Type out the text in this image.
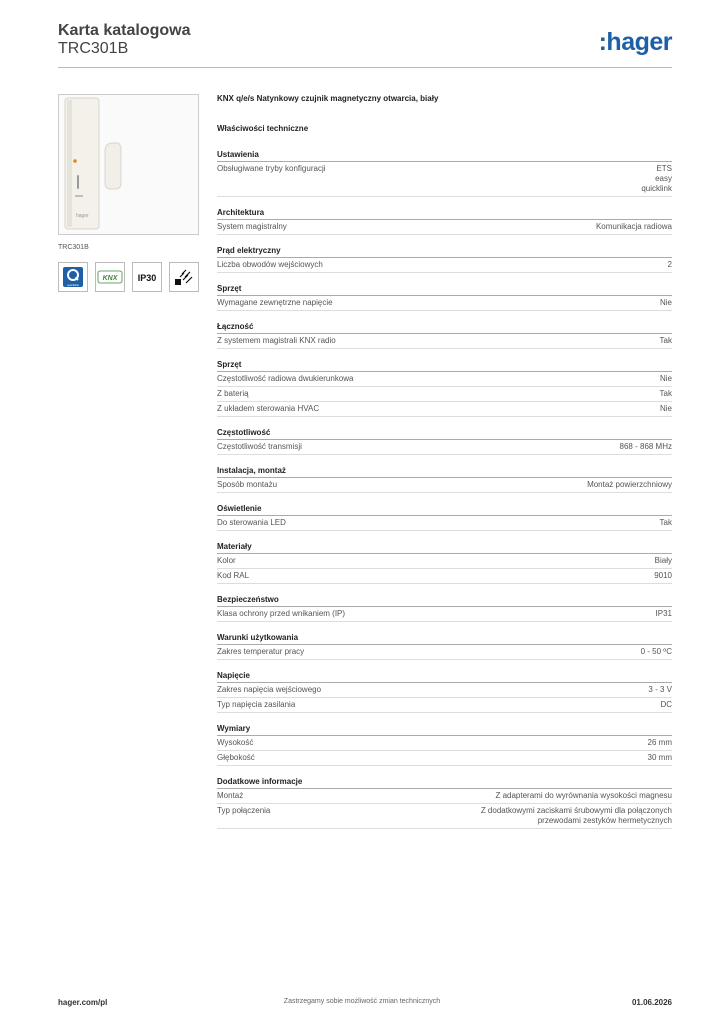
Karta katalogowa
TRC301B	:hager
hager
TRC301B
quicklink
KNX IP30
KNX q/e/s Natynkowy czujnik magnetyczny otwarcia, biały
Właściwości techniczne
Ustawienia
Obsługiwane tryby konfiguracji	ETS
easy
quicklink
Architektura
System magistralny	Komunikacja radiowa
Prąd elektryczny
Liczba obwodów wejściowych	2
Sprzęt
Wymagane zewnętrzne napięcie	Nie
Łączność
Z systemem magistrali KNX radio	Tak
Sprzęt
Częstotliwość radiowa dwukierunkowa	Nie
Z baterią	Tak
Z układem sterowania HVAC	Nie
Częstotliwość
Częstotliwość transmisji	868 - 868 MHz
Instalacja, montaż
Sposób montażu	Montaż powierzchniowy
Oświetlenie
Do sterowania LED	Tak
Materiały
Kolor	Biały
Kod RAL	9010
Bezpieczeństwo
Klasa ochrony przed wnikaniem (IP)	IP31
Warunki użytkowania
Zakres temperatur pracy	0 - 50 ºC
Napięcie
Zakres napięcia wejściowego	3 - 3 V
Typ napięcia zasilania	DC
Wymiary
Wysokość	26 mm
Głębokość	30 mm
Dodatkowe informacje
Montaż	Z adapterami do wyrównania wysokości magnesu
Typ połączenia	Z dodatkowymi zaciskami śrubowymi dla połączonych
przewodami zestyków hermetycznych
hager.com/pl	Zastrzegamy sobie możliwość zmian technicznych	01.06.2026
